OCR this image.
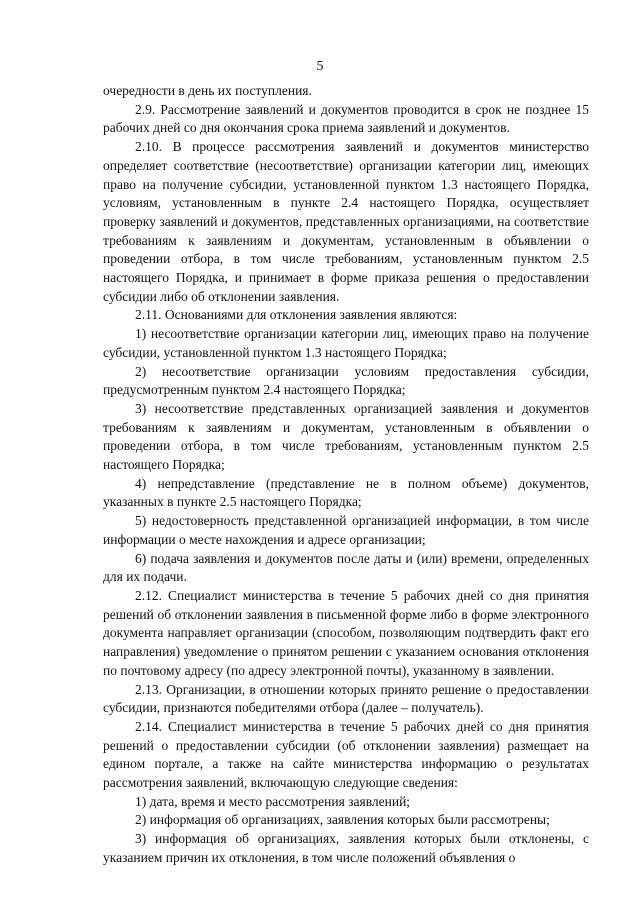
5

очередности в день их поступления.

2.9. Рассмотрение заявлений и документов проводится в срок не позднее 15 рабочих дней со дня окончания срока приема заявлений и документов.

2.10. В процессе рассмотрения заявлений и документов министерство определяет соответствие (несоответствие) организации категории лиц, имеющих право на получение субсидии, установленной пунктом 1.3 настоящего Порядка, условиям, установленным в пункте 2.4 настоящего Порядка, осуществляет проверку заявлений и документов, представленных организациями, на соответствие требованиям к заявлениям и документам, установленным в объявлении о проведении отбора, в том числе требованиям, установленным пунктом 2.5 настоящего Порядка, и принимает в форме приказа решения о предоставлении субсидии либо об отклонении заявления.

2.11. Основаниями для отклонения заявления являются:

1) несоответствие организации категории лиц, имеющих право на получение субсидии, установленной пунктом 1.3 настоящего Порядка;

2) несоответствие организации условиям предоставления субсидии, предусмотренным пунктом 2.4 настоящего Порядка;

3) несоответствие представленных организацией заявления и документов требованиям к заявлениям и документам, установленным в объявлении о проведении отбора, в том числе требованиям, установленным пунктом 2.5 настоящего Порядка;

4) непредставление (представление не в полном объеме) документов, указанных в пункте 2.5 настоящего Порядка;

5) недостоверность представленной организацией информации, в том числе информации о месте нахождения и адресе организации;

6) подача заявления и документов после даты и (или) времени, определенных для их подачи.

2.12. Специалист министерства в течение 5 рабочих дней со дня принятия решений об отклонении заявления в письменной форме либо в форме электронного документа направляет организации (способом, позволяющим подтвердить факт его направления) уведомление о принятом решении с указанием основания отклонения по почтовому адресу (по адресу электронной почты), указанному в заявлении.

2.13. Организации, в отношении которых принято решение о предоставлении субсидии, признаются победителями отбора (далее – получатель).

2.14. Специалист министерства в течение 5 рабочих дней со дня принятия решений о предоставлении субсидии (об отклонении заявления) размещает на едином портале, а также на сайте министерства информацию о результатах рассмотрения заявлений, включающую следующие сведения:

1) дата, время и место рассмотрения заявлений;

2) информация об организациях, заявления которых были рассмотрены;

3) информация об организациях, заявления которых были отклонены, с указанием причин их отклонения, в том числе положений объявления о
